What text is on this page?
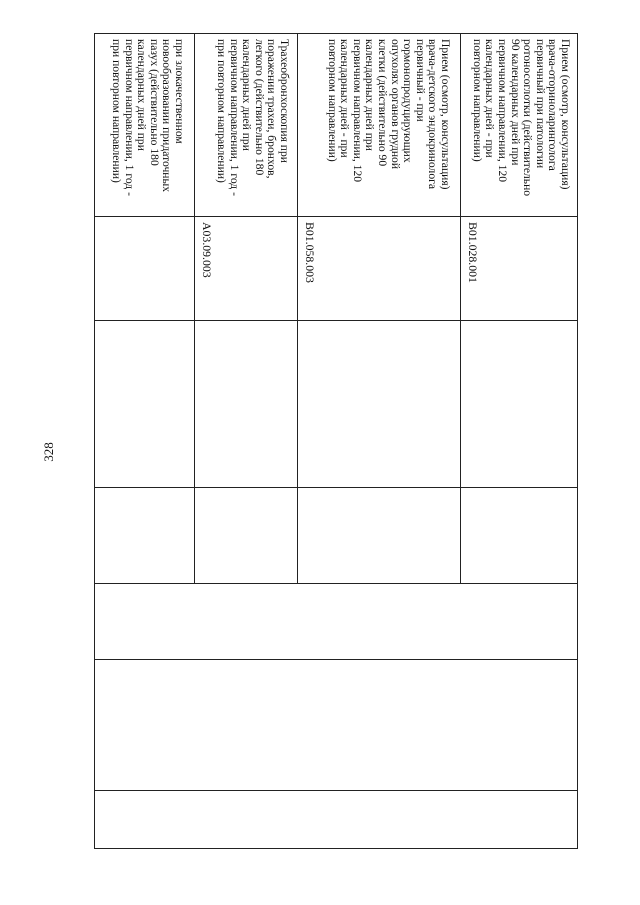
328
при злокачественном
новообразовании придаточных
пазух (действительно 180
календарных дней при
первичном направлении, 1 год -
при повторном направлении)
Трахеобронхоскопия при
поражении трахеи, бронхов,
легкого (действительно 180
календарных дней при
первичном направлении, 1 год -
при повторном направлении)
A03.09.003
Прием (осмотр, консультация)
врача-детского эндокринолога
первичный - при
гормонопродуцирующих
опухолях органов грудной
клетки (действительно 90
календарных дней при
первичном направлении, 120
календарных дней - при
повторном направлении)
B01.058.003
Прием (осмотр, консультация)
врача-оториноларинголога
первичный при патологии
ротоносоглотки (действительно
90 календарных дней при
первичном направлении, 120
календарных дней - при
повторном направлении)
B01.028.001
